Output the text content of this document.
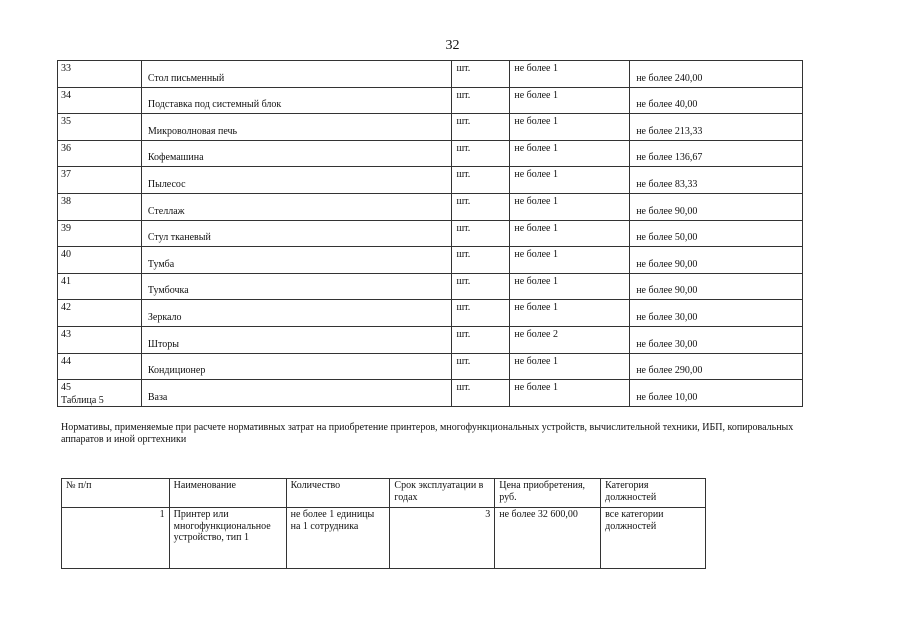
32
33	Стол письменный	шт.	не более 1	не более 240,00
34	Подставка под системный блок	шт.	не более 1	не более 40,00
35	Микроволновая печь	шт.	не более 1	не более 213,33
36	Кофемашина	шт.	не более 1	не более 136,67
37	Пылесос	шт.	не более 1	не более 83,33
38	Стеллаж	шт.	не более 1	не более 90,00
39	Стул тканевый	шт.	не более 1	не более 50,00
40	Тумба	шт.	не более 1	не более 90,00
41	Тумбочка	шт.	не более 1	не более 90,00
42	Зеркало	шт.	не более 1	не более 30,00
43	Шторы	шт.	не более 2	не более 30,00
44	Кондиционер	шт.	не более 1	не более 290,00
45	Ваза	шт.	не более 1	не более 10,00
Таблица 5
Нормативы, применяемые при расчете нормативных затрат на приобретение принтеров, многофункциональных устройств, вычислительной техники, ИБП, копировальных аппаратов и иной оргтехники
№ п/п	Наименование	Количество	Срок эксплуатации в годах	Цена приобретения, руб.	Категория должностей
1	Принтер или многофункциональное устройство, тип 1	не более 1 единицы на 1 сотрудника	3	не более 32 600,00	все категории должностей
